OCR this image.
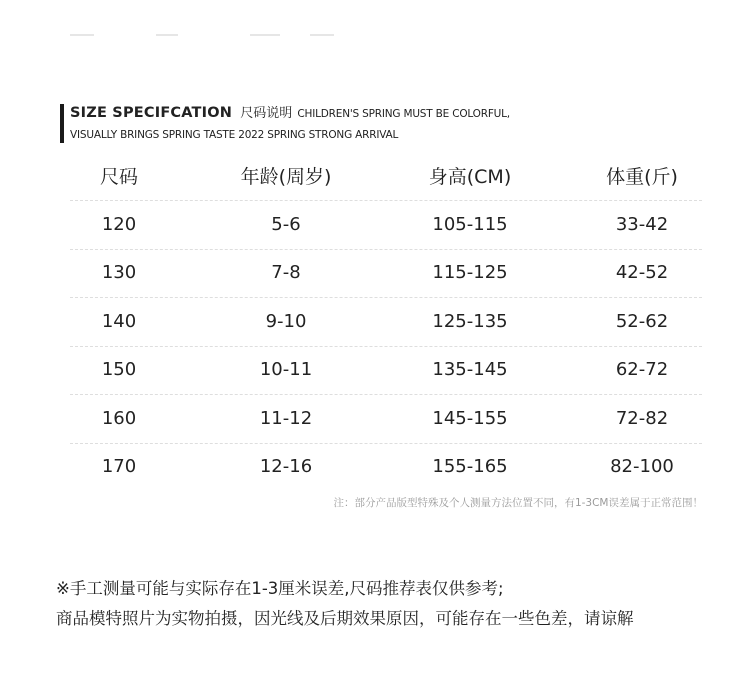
SIZE SPECIFCATION 尺码说明 CHILDREN'S SPRING MUST BE COLORFUL,
VISUALLY BRINGS SPRING TASTE 2022 SPRING STRONG ARRIVAL
尺码	年龄(周岁)	身高(CM)	体重(斤)
120	5-6	105-115	33-42
130	7-8	115-125	42-52
140	9-10	125-135	52-62
150	10-11	135-145	62-72
160	11-12	145-155	72-82
170	12-16	155-165	82-100
注：部分产品版型特殊及个人测量方法位置不同，有1-3CM误差属于正常范围！
※手工测量可能与实际存在1-3厘米误差,尺码推荐表仅供参考;
商品模特照片为实物拍摄，因光线及后期效果原因，可能存在一些色差，请谅解
